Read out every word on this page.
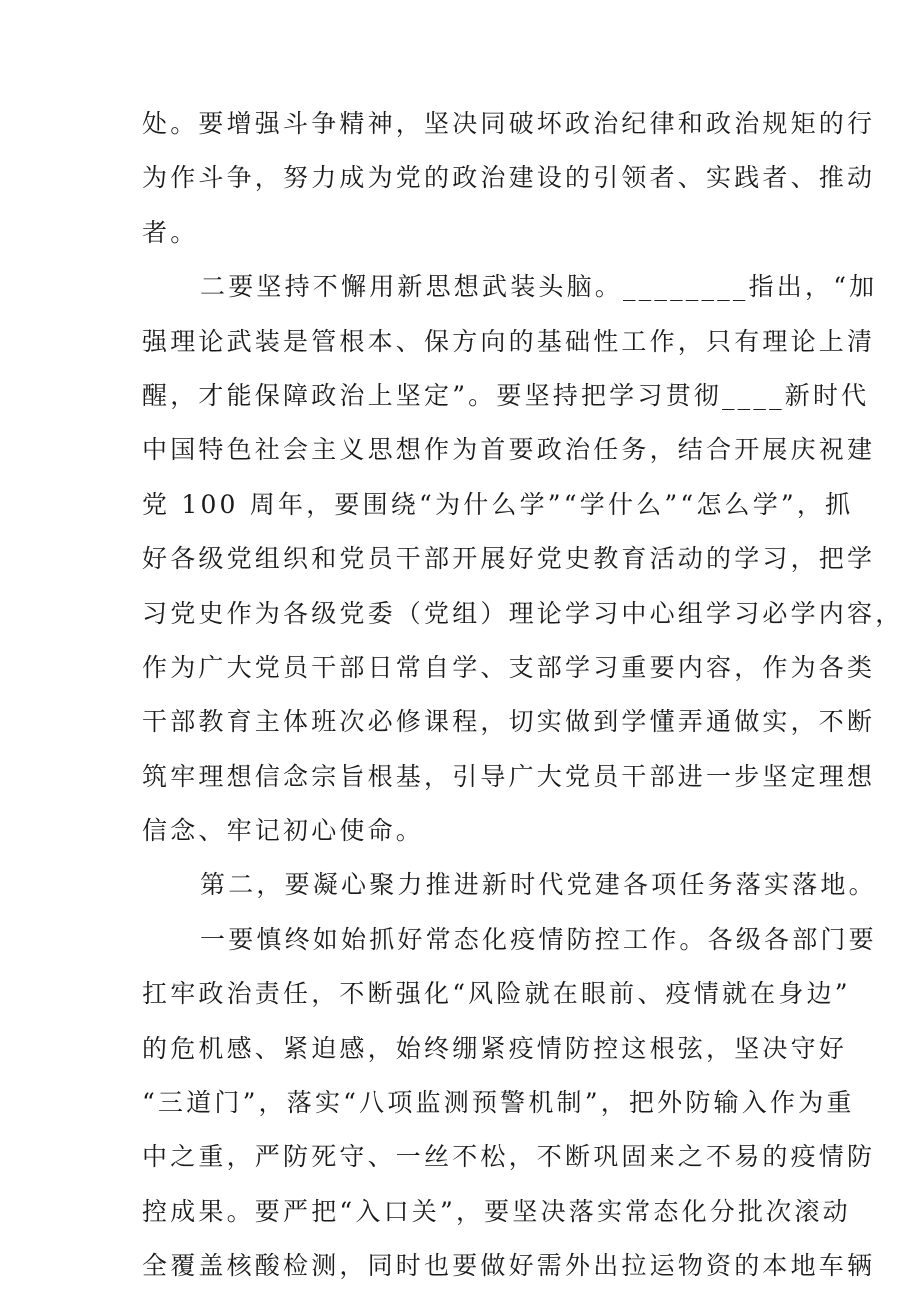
处。要增强斗争精神，坚决同破坏政治纪律和政治规矩的行
为作斗争，努力成为党的政治建设的引领者、实践者、推动
者。
二要坚持不懈用新思想武装头脑。________指出，“加
强理论武装是管根本、保方向的基础性工作，只有理论上清
醒，才能保障政治上坚定”。要坚持把学习贯彻____新时代
中国特色社会主义思想作为首要政治任务，结合开展庆祝建
党 100 周年，要围绕“为什么学”“学什么”“怎么学”，抓
好各级党组织和党员干部开展好党史教育活动的学习，把学
习党史作为各级党委（党组）理论学习中心组学习必学内容，
作为广大党员干部日常自学、支部学习重要内容，作为各类
干部教育主体班次必修课程，切实做到学懂弄通做实，不断
筑牢理想信念宗旨根基，引导广大党员干部进一步坚定理想
信念、牢记初心使命。
第二，要凝心聚力推进新时代党建各项任务落实落地。
一要慎终如始抓好常态化疫情防控工作。各级各部门要
扛牢政治责任，不断强化“风险就在眼前、疫情就在身边”
的危机感、紧迫感，始终绷紧疫情防控这根弦，坚决守好
“三道门”，落实“八项监测预警机制”，把外防输入作为重
中之重，严防死守、一丝不松，不断巩固来之不易的疫情防
控成果。要严把“入口关”，要坚决落实常态化分批次滚动
全覆盖核酸检测，同时也要做好需外出拉运物资的本地车辆
